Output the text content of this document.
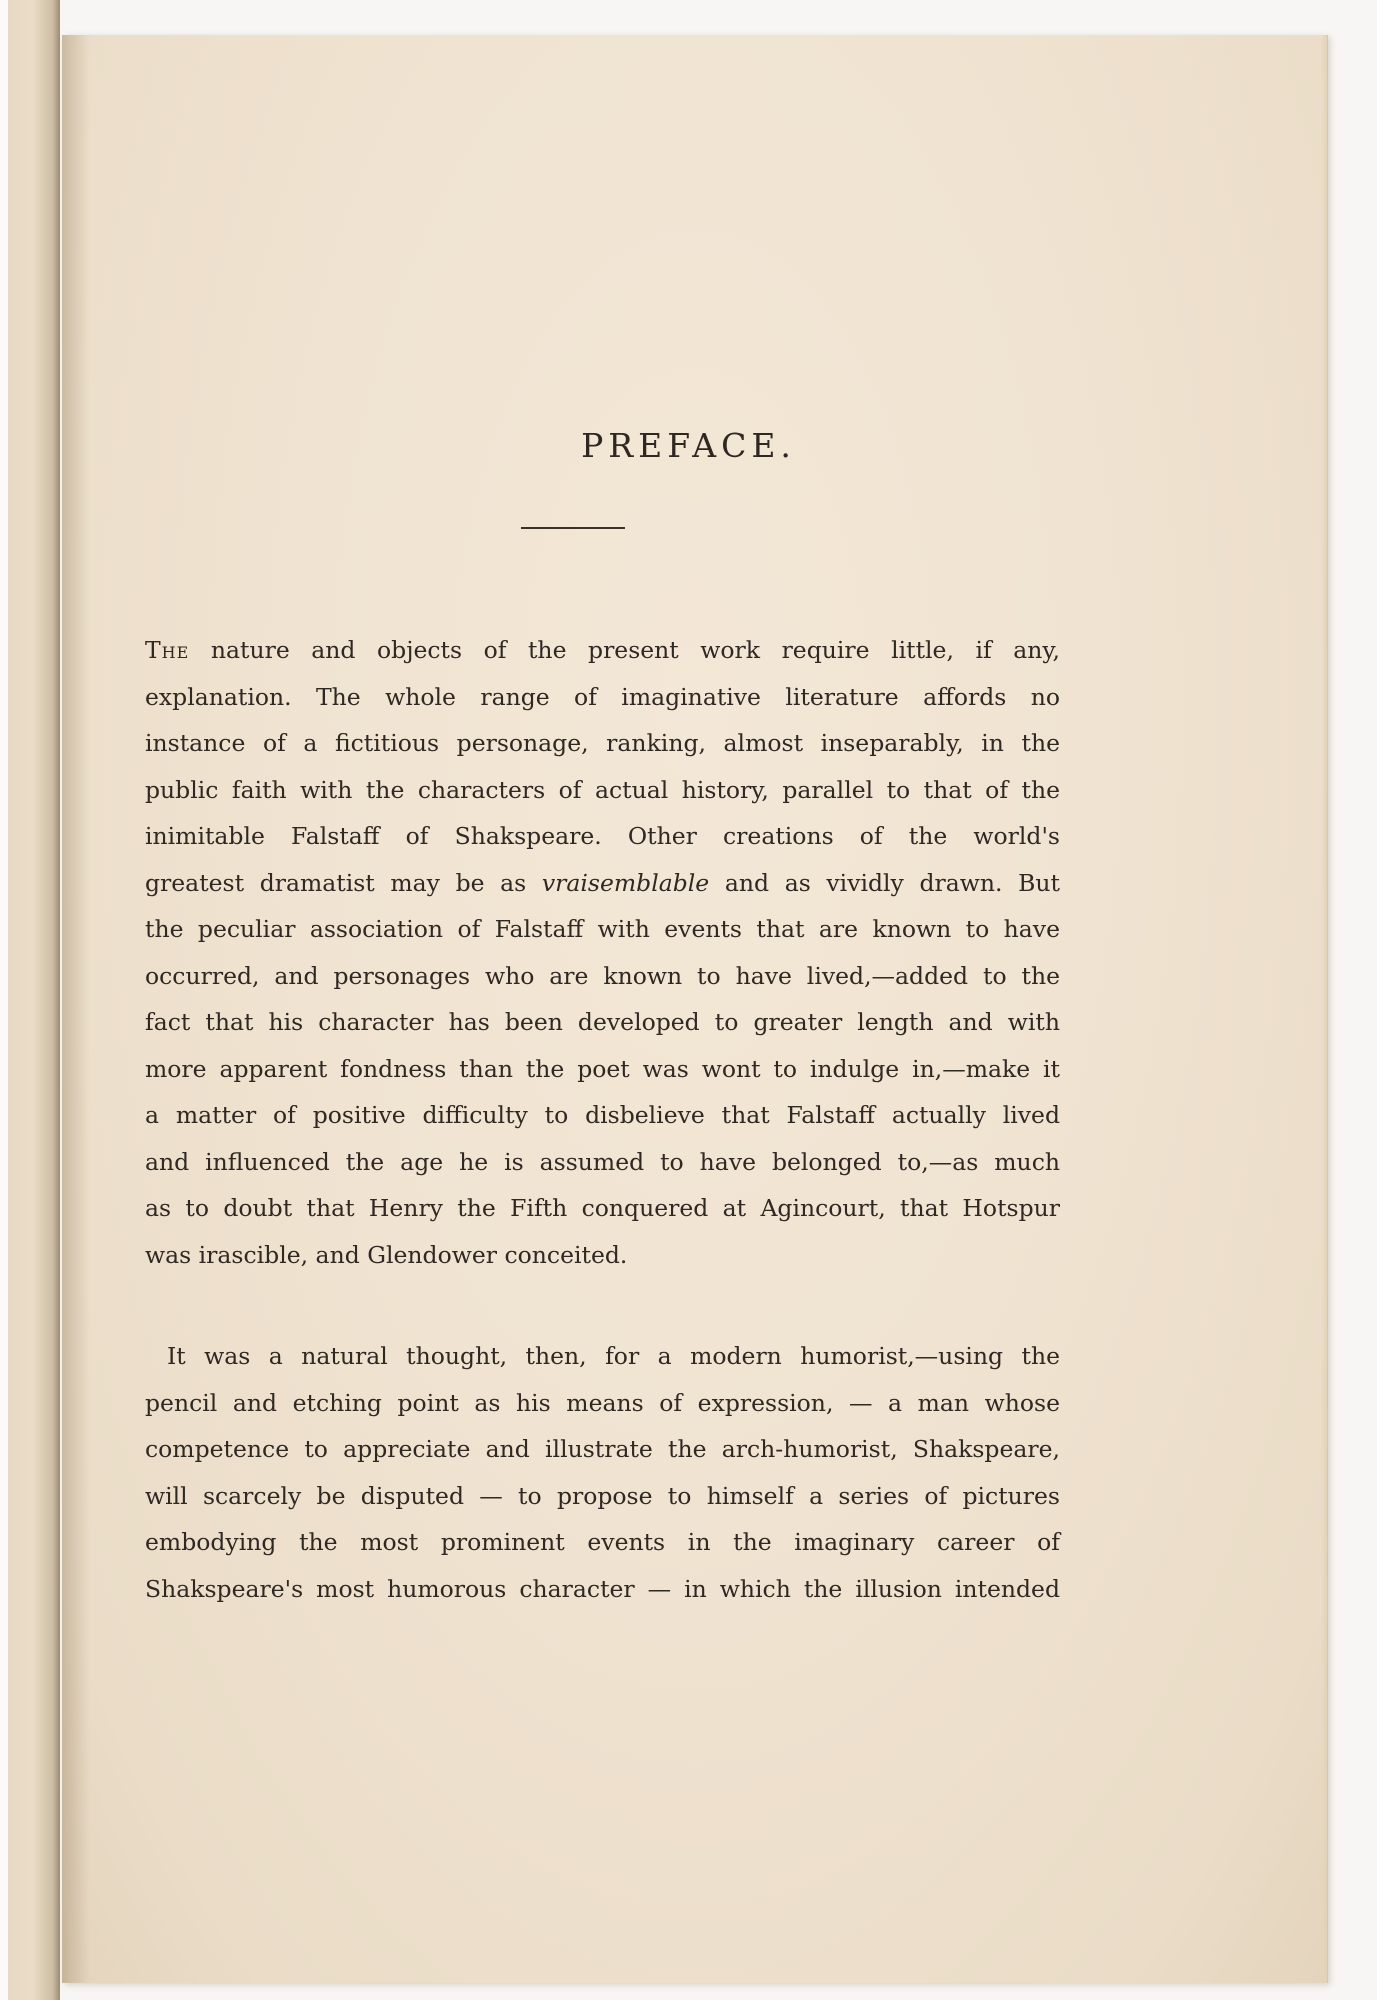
PREFACE.
The nature and objects of the present work require little, if any,
explanation. The whole range of imaginative literature affords no
instance of a fictitious personage, ranking, almost inseparably, in the
public faith with the characters of actual history, parallel to that of the
inimitable Falstaff of Shakspeare. Other creations of the world's
greatest dramatist may be as vraisemblable and as vividly drawn. But
the peculiar association of Falstaff with events that are known to have
occurred, and personages who are known to have lived,—added to the
fact that his character has been developed to greater length and with
more apparent fondness than the poet was wont to indulge in,—make it
a matter of positive difficulty to disbelieve that Falstaff actually lived
and influenced the age he is assumed to have belonged to,—as much
as to doubt that Henry the Fifth conquered at Agincourt, that Hotspur
was irascible, and Glendower conceited.
It was a natural thought, then, for a modern humorist,—using the
pencil and etching point as his means of expression, — a man whose
competence to appreciate and illustrate the arch-humorist, Shakspeare,
will scarcely be disputed — to propose to himself a series of pictures
embodying the most prominent events in the imaginary career of
Shakspeare's most humorous character — in which the illusion intended
